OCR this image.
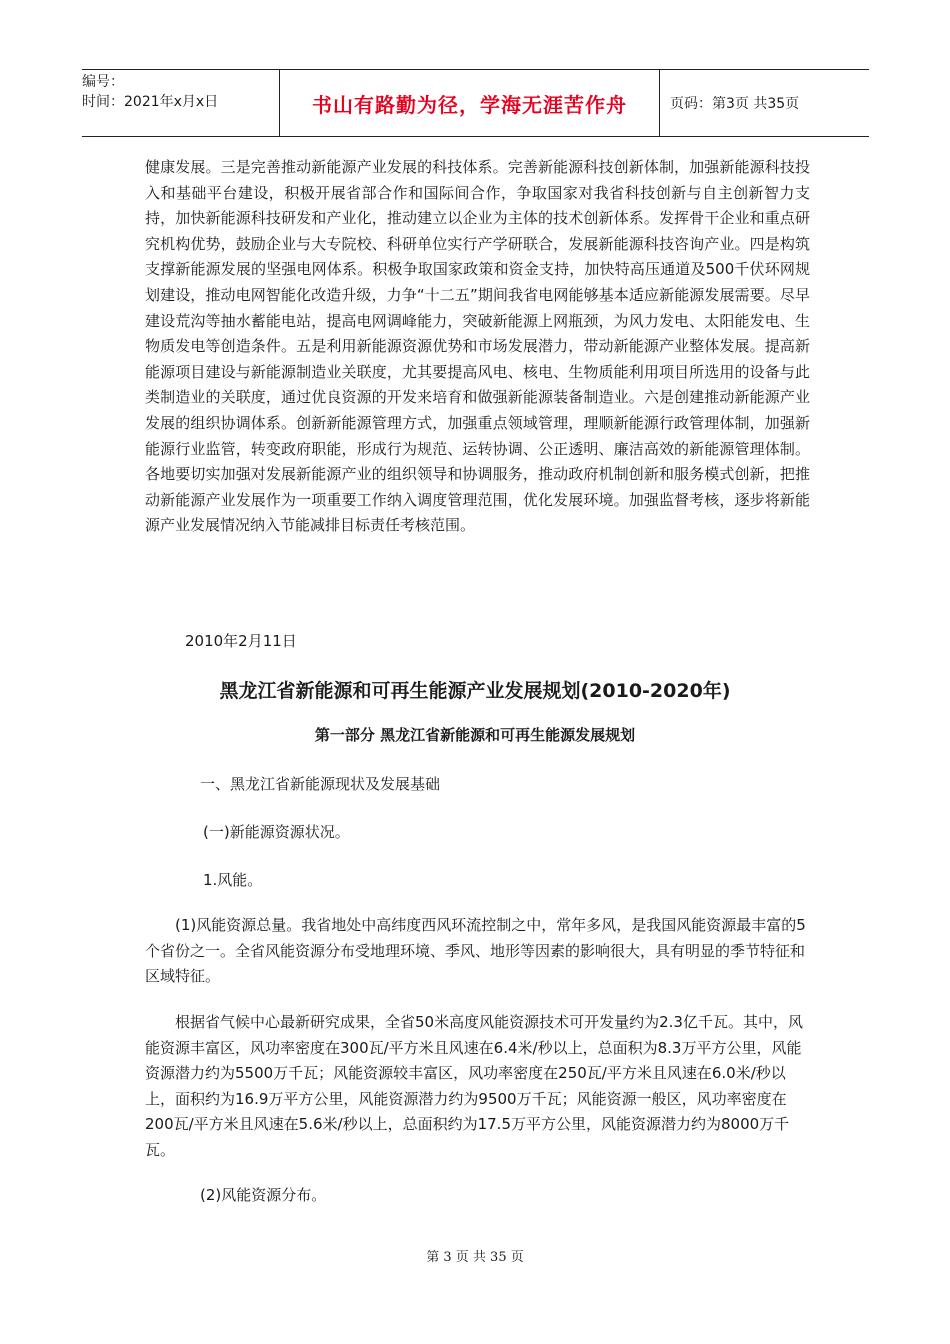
编号：
时间：2021年x月x日	书山有路勤为径，学海无涯苦作舟	页码：第3页 共35页

健康发展。三是完善推动新能源产业发展的科技体系。完善新能源科技创新体制，加强新能源科技投入和基础平台建设，积极开展省部合作和国际间合作，争取国家对我省科技创新与自主创新智力支持，加快新能源科技研发和产业化，推动建立以企业为主体的技术创新体系。发挥骨干企业和重点研究机构优势，鼓励企业与大专院校、科研单位实行产学研联合，发展新能源科技咨询产业。四是构筑支撑新能源发展的坚强电网体系。积极争取国家政策和资金支持，加快特高压通道及500千伏环网规划建设，推动电网智能化改造升级，力争“十二五”期间我省电网能够基本适应新能源发展需要。尽早建设荒沟等抽水蓄能电站，提高电网调峰能力，突破新能源上网瓶颈，为风力发电、太阳能发电、生物质发电等创造条件。五是利用新能源资源优势和市场发展潜力，带动新能源产业整体发展。提高新能源项目建设与新能源制造业关联度，尤其要提高风电、核电、生物质能利用项目所选用的设备与此类制造业的关联度，通过优良资源的开发来培育和做强新能源装备制造业。六是创建推动新能源产业发展的组织协调体系。创新新能源管理方式，加强重点领域管理，理顺新能源行政管理体制，加强新能源行业监管，转变政府职能，形成行为规范、运转协调、公正透明、廉洁高效的新能源管理体制。各地要切实加强对发展新能源产业的组织领导和协调服务，推动政府机制创新和服务模式创新，把推动新能源产业发展作为一项重要工作纳入调度管理范围，优化发展环境。加强监督考核，逐步将新能源产业发展情况纳入节能减排目标责任考核范围。

2010年2月11日

黑龙江省新能源和可再生能源产业发展规划(2010-2020年)
第一部分 黑龙江省新能源和可再生能源发展规划

一、黑龙江省新能源现状及发展基础

(一)新能源资源状况。

1.风能。

(1)风能资源总量。我省地处中高纬度西风环流控制之中，常年多风，是我国风能资源最丰富的5个省份之一。全省风能资源分布受地理环境、季风、地形等因素的影响很大，具有明显的季节特征和区域特征。

根据省气候中心最新研究成果，全省50米高度风能资源技术可开发量约为2.3亿千瓦。其中，风能资源丰富区，风功率密度在300瓦/平方米且风速在6.4米/秒以上，总面积为8.3万平方公里，风能资源潜力约为5500万千瓦；风能资源较丰富区，风功率密度在250瓦/平方米且风速在6.0米/秒以上，面积约为16.9万平方公里，风能资源潜力约为9500万千瓦；风能资源一般区，风功率密度在200瓦/平方米且风速在5.6米/秒以上，总面积约为17.5万平方公里，风能资源潜力约为8000万千瓦。

(2)风能资源分布。

第 3 页 共 35 页
